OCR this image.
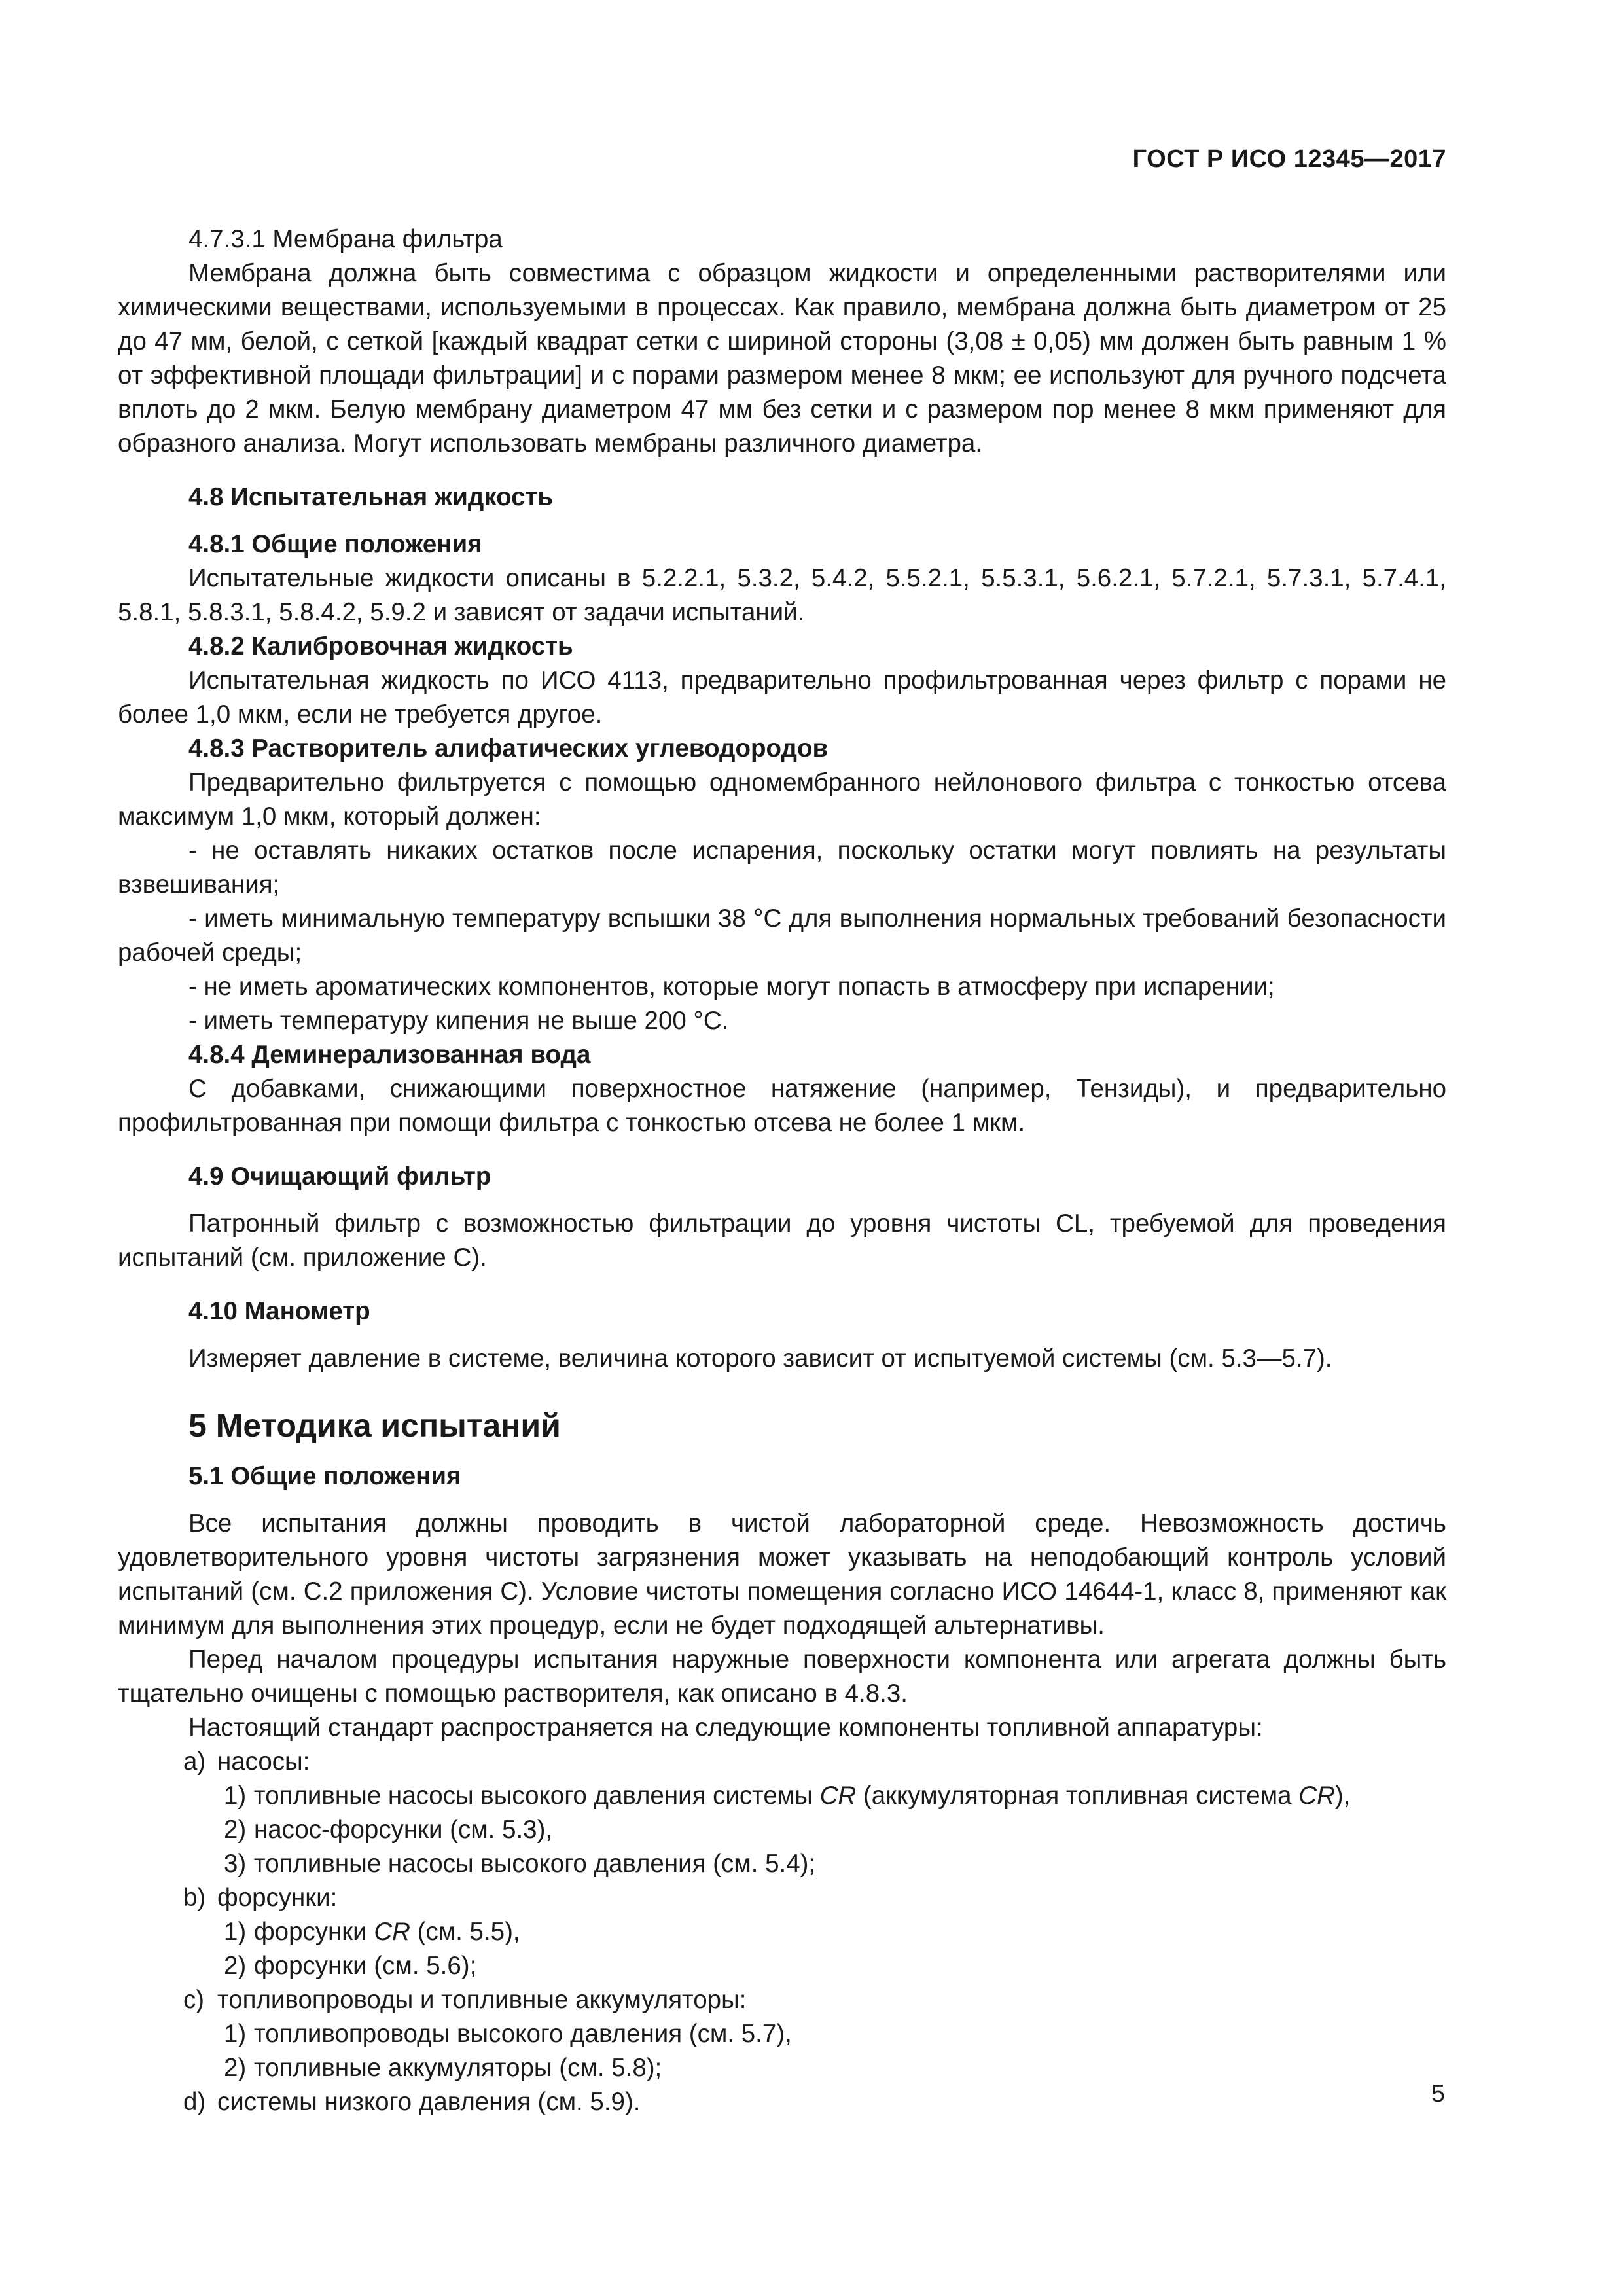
ГОСТ Р ИСО 12345—2017

4.7.3.1 Мембрана фильтра

Мембрана должна быть совместима с образцом жидкости и определенными растворителями или химическими веществами, используемыми в процессах. Как правило, мембрана должна быть диаметром от 25 до 47 мм, белой, с сеткой [каждый квадрат сетки с шириной стороны (3,08 ± 0,05) мм должен быть равным 1 % от эффективной площади фильтрации] и с порами размером менее 8 мкм; ее используют для ручного подсчета вплоть до 2 мкм. Белую мембрану диаметром 47 мм без сетки и с размером пор менее 8 мкм применяют для образного анализа. Могут использовать мембраны различного диаметра.

4.8 Испытательная жидкость

4.8.1 Общие положения

Испытательные жидкости описаны в 5.2.2.1, 5.3.2, 5.4.2, 5.5.2.1, 5.5.3.1, 5.6.2.1, 5.7.2.1, 5.7.3.1, 5.7.4.1, 5.8.1, 5.8.3.1, 5.8.4.2, 5.9.2 и зависят от задачи испытаний.

4.8.2 Калибровочная жидкость

Испытательная жидкость по ИСО 4113, предварительно профильтрованная через фильтр с порами не более 1,0 мкм, если не требуется другое.

4.8.3 Растворитель алифатических углеводородов

Предварительно фильтруется с помощью одномембранного нейлонового фильтра с тонкостью отсева максимум 1,0 мкм, который должен:

- не оставлять никаких остатков после испарения, поскольку остатки могут повлиять на результаты взвешивания;

- иметь минимальную температуру вспышки 38 °С для выполнения нормальных требований безопасности рабочей среды;

- не иметь ароматических компонентов, которые могут попасть в атмосферу при испарении;

- иметь температуру кипения не выше 200 °С.

4.8.4 Деминерализованная вода

С добавками, снижающими поверхностное натяжение (например, Тензиды), и предварительно профильтрованная при помощи фильтра с тонкостью отсева не более 1 мкм.

4.9 Очищающий фильтр

Патронный фильтр с возможностью фильтрации до уровня чистоты CL, требуемой для проведения испытаний (см. приложение С).

4.10 Манометр

Измеряет давление в системе, величина которого зависит от испытуемой системы (см. 5.3—5.7).

5 Методика испытаний

5.1 Общие положения

Все испытания должны проводить в чистой лабораторной среде. Невозможность достичь удовлетворительного уровня чистоты загрязнения может указывать на неподобающий контроль условий испытаний (см. С.2 приложения С). Условие чистоты помещения согласно ИСО 14644-1, класс 8, применяют как минимум для выполнения этих процедур, если не будет подходящей альтернативы.

Перед началом процедуры испытания наружные поверхности компонента или агрегата должны быть тщательно очищены с помощью растворителя, как описано в 4.8.3.

Настоящий стандарт распространяется на следующие компоненты топливной аппаратуры:

a) насосы:

1) топливные насосы высокого давления системы CR (аккумуляторная топливная система CR),

2) насос-форсунки (см. 5.3),

3) топливные насосы высокого давления (см. 5.4);

b) форсунки:

1) форсунки CR (см. 5.5),

2) форсунки (см. 5.6);

c) топливопроводы и топливные аккумуляторы:

1) топливопроводы высокого давления (см. 5.7),

2) топливные аккумуляторы (см. 5.8);

d) системы низкого давления (см. 5.9).	5
